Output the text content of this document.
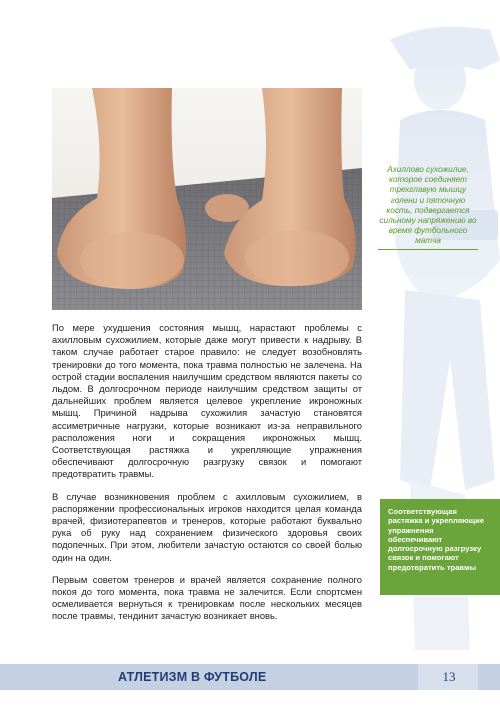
Ахиллово сухожилие, которое соединяет трехглавую мышцу голени и пяточную кость, подвергается сильному напряжению во время футбольного матча

По мере ухудшения состояния мышц, нарастают проблемы с ахилловым сухожилием, которые даже могут привести к надрыву. В таком случае работает старое правило: не следует возобновлять тренировки до того момента, пока травма полностью не залечена. На острой стадии воспаления наилучшим средством являются пакеты со льдом. В долгосрочном периоде наилучшим средством защиты от дальнейших проблем является целевое укрепление икроножных мышц. Причиной надрыва сухожилия зачастую становятся ассиметричные нагрузки, которые возникают из-за неправильного расположения ноги и сокращения икроножных мышц. Соответствующая растяжка и укрепляющие упражнения обеспечивают долгосрочную разгрузку связок и помогают предотвратить травмы.

В случае возникновения проблем с ахилловым сухожилием, в распоряжении профессиональных игроков находится целая команда врачей, физиотерапевтов и тренеров, которые работают буквально рука об руку над сохранением физического здоровья своих подопечных. При этом, любители зачастую остаются со своей болью один на один.

Первым советом тренеров и врачей является сохранение полного покоя до того момента, пока травма не залечится. Если спортсмен осмеливается вернуться к тренировкам после нескольких месяцев после травмы, тендинит зачастую возникает вновь.

Соответствующая растяжка и укрепляющие упражнения обеспечивают долгосрочную разгрузку связок и помогают предотвратить травмы
АТЛЕТИЗМ В ФУТБОЛЕ	13
